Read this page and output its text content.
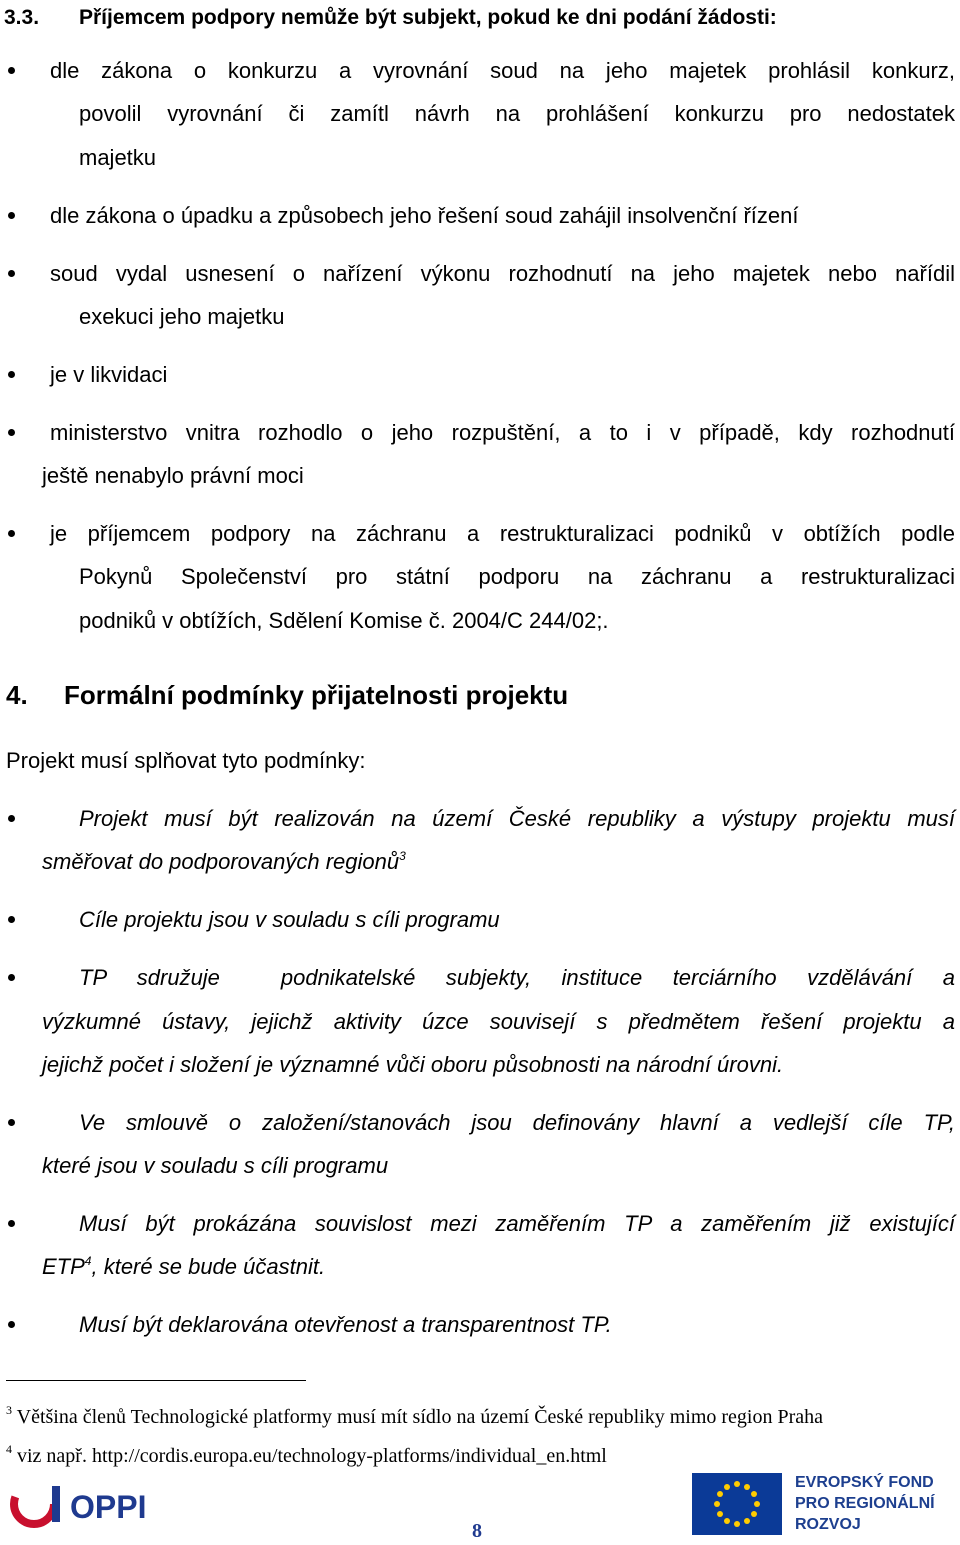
3.3. Příjemcem podpory nemůže být subjekt, pokud ke dni podání žádosti:
dle zákona o konkurzu a vyrovnání soud na jeho majetek prohlásil konkurz,
povolil vyrovnání či zamítl návrh na prohlášení konkurzu pro nedostatek
majetku
dle zákona o úpadku a způsobech jeho řešení soud zahájil insolvenční řízení
soud vydal usnesení o nařízení výkonu rozhodnutí na jeho majetek nebo nařídil
exekuci jeho majetku
je v likvidaci
ministerstvo vnitra rozhodlo o jeho rozpuštění, a to i v případě, kdy rozhodnutí
ještě nenabylo právní moci
je příjemcem podpory na záchranu a restrukturalizaci podniků v obtížích podle
Pokynů Společenství pro státní podporu na záchranu a restrukturalizaci
podniků v obtížích, Sdělení Komise č. 2004/C 244/02;.
4. Formální podmínky přijatelnosti projektu
Projekt musí splňovat tyto podmínky:
Projekt musí být realizován na území České republiky a výstupy projektu musí
směřovat do podporovaných regionů$^3$
Cíle projektu jsou v souladu s cíli programu
TP sdružuje  podnikatelské subjekty, instituce terciárního vzdělávání a
výzkumné ústavy, jejichž aktivity úzce souvisejí s předmětem řešení projektu a
jejichž počet i složení je významné vůči oboru působnosti na národní úrovni.
Ve smlouvě o založení/stanovách jsou definovány hlavní a vedlejší cíle TP,
které jsou v souladu s cíli programu
Musí být prokázána souvislost mezi zaměřením TP a zaměřením již existující
ETP$^4$, které se bude účastnit.
Musí být deklarována otevřenost a transparentnost TP.
$^3$ Většina členů Technologické platformy musí mít sídlo na území České republiky mimo region Praha
$^4$ viz např. http://cordis.europa.eu/technology-platforms/individual_en.html
OPPI
8
EVROPSKÝ FOND
PRO REGIONÁLNÍ
ROZVOJ
